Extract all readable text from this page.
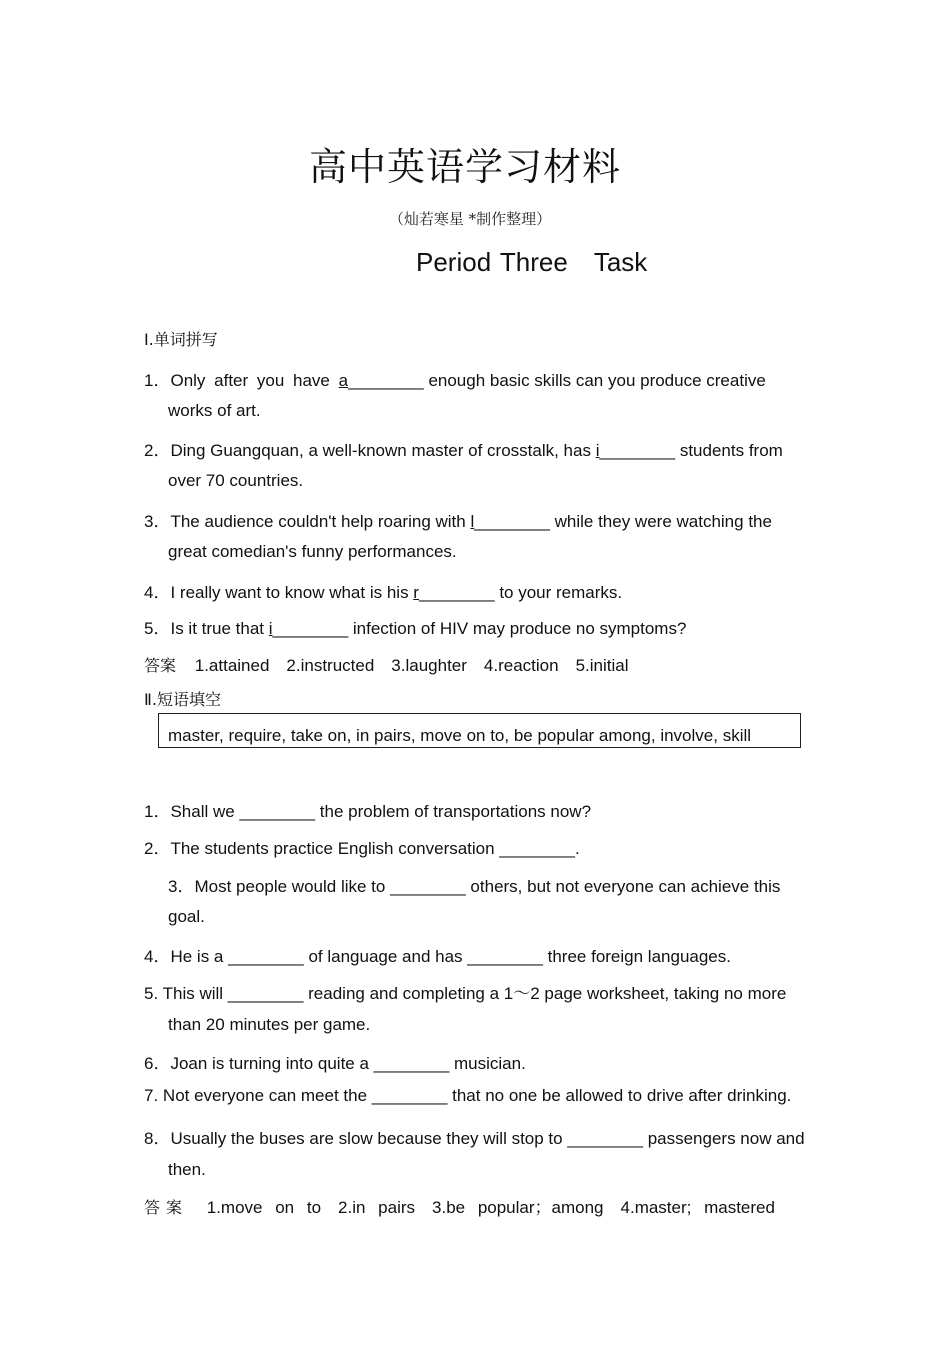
高中英语学习材料
（灿若寒星 *制作整理）
Period Three　Task
Ⅰ.单词拼写
1．Only after you have a________ enough basic skills can you produce creative
works of art.
2．Ding Guangquan, a well-known master of crosstalk, has i________ students from
over 70 countries.
3．The audience couldn't help roaring with l________ while they were watching the
great comedian's funny performances.
4．I really want to know what is his r________ to your remarks.
5．Is it true that i________ infection of HIV may produce no symptoms?
答案 1.attained　2.instructed　3.laughter　4.reaction　5.initial
Ⅱ.短语填空
master, require, take on, in pairs, move on to, be popular among, involve, skill
1．Shall we ________ the problem of transportations now?
2．The students practice English conversation ________.
3．Most people would like to ________ others, but not everyone can achieve this
goal.
4．He is a ________ of language and has ________ three foreign languages.
5. This will ________ reading and completing a 1～2 page worksheet, taking no more
than 20 minutes per game.
6．Joan is turning into quite a ________ musician.
7. Not everyone can meet the ________ that no one be allowed to drive after drinking.
8．Usually the buses are slow because they will stop to ________ passengers now and
then.
答案 1.move on to　2.in pairs　3.be popular；among　4.master; mastered
